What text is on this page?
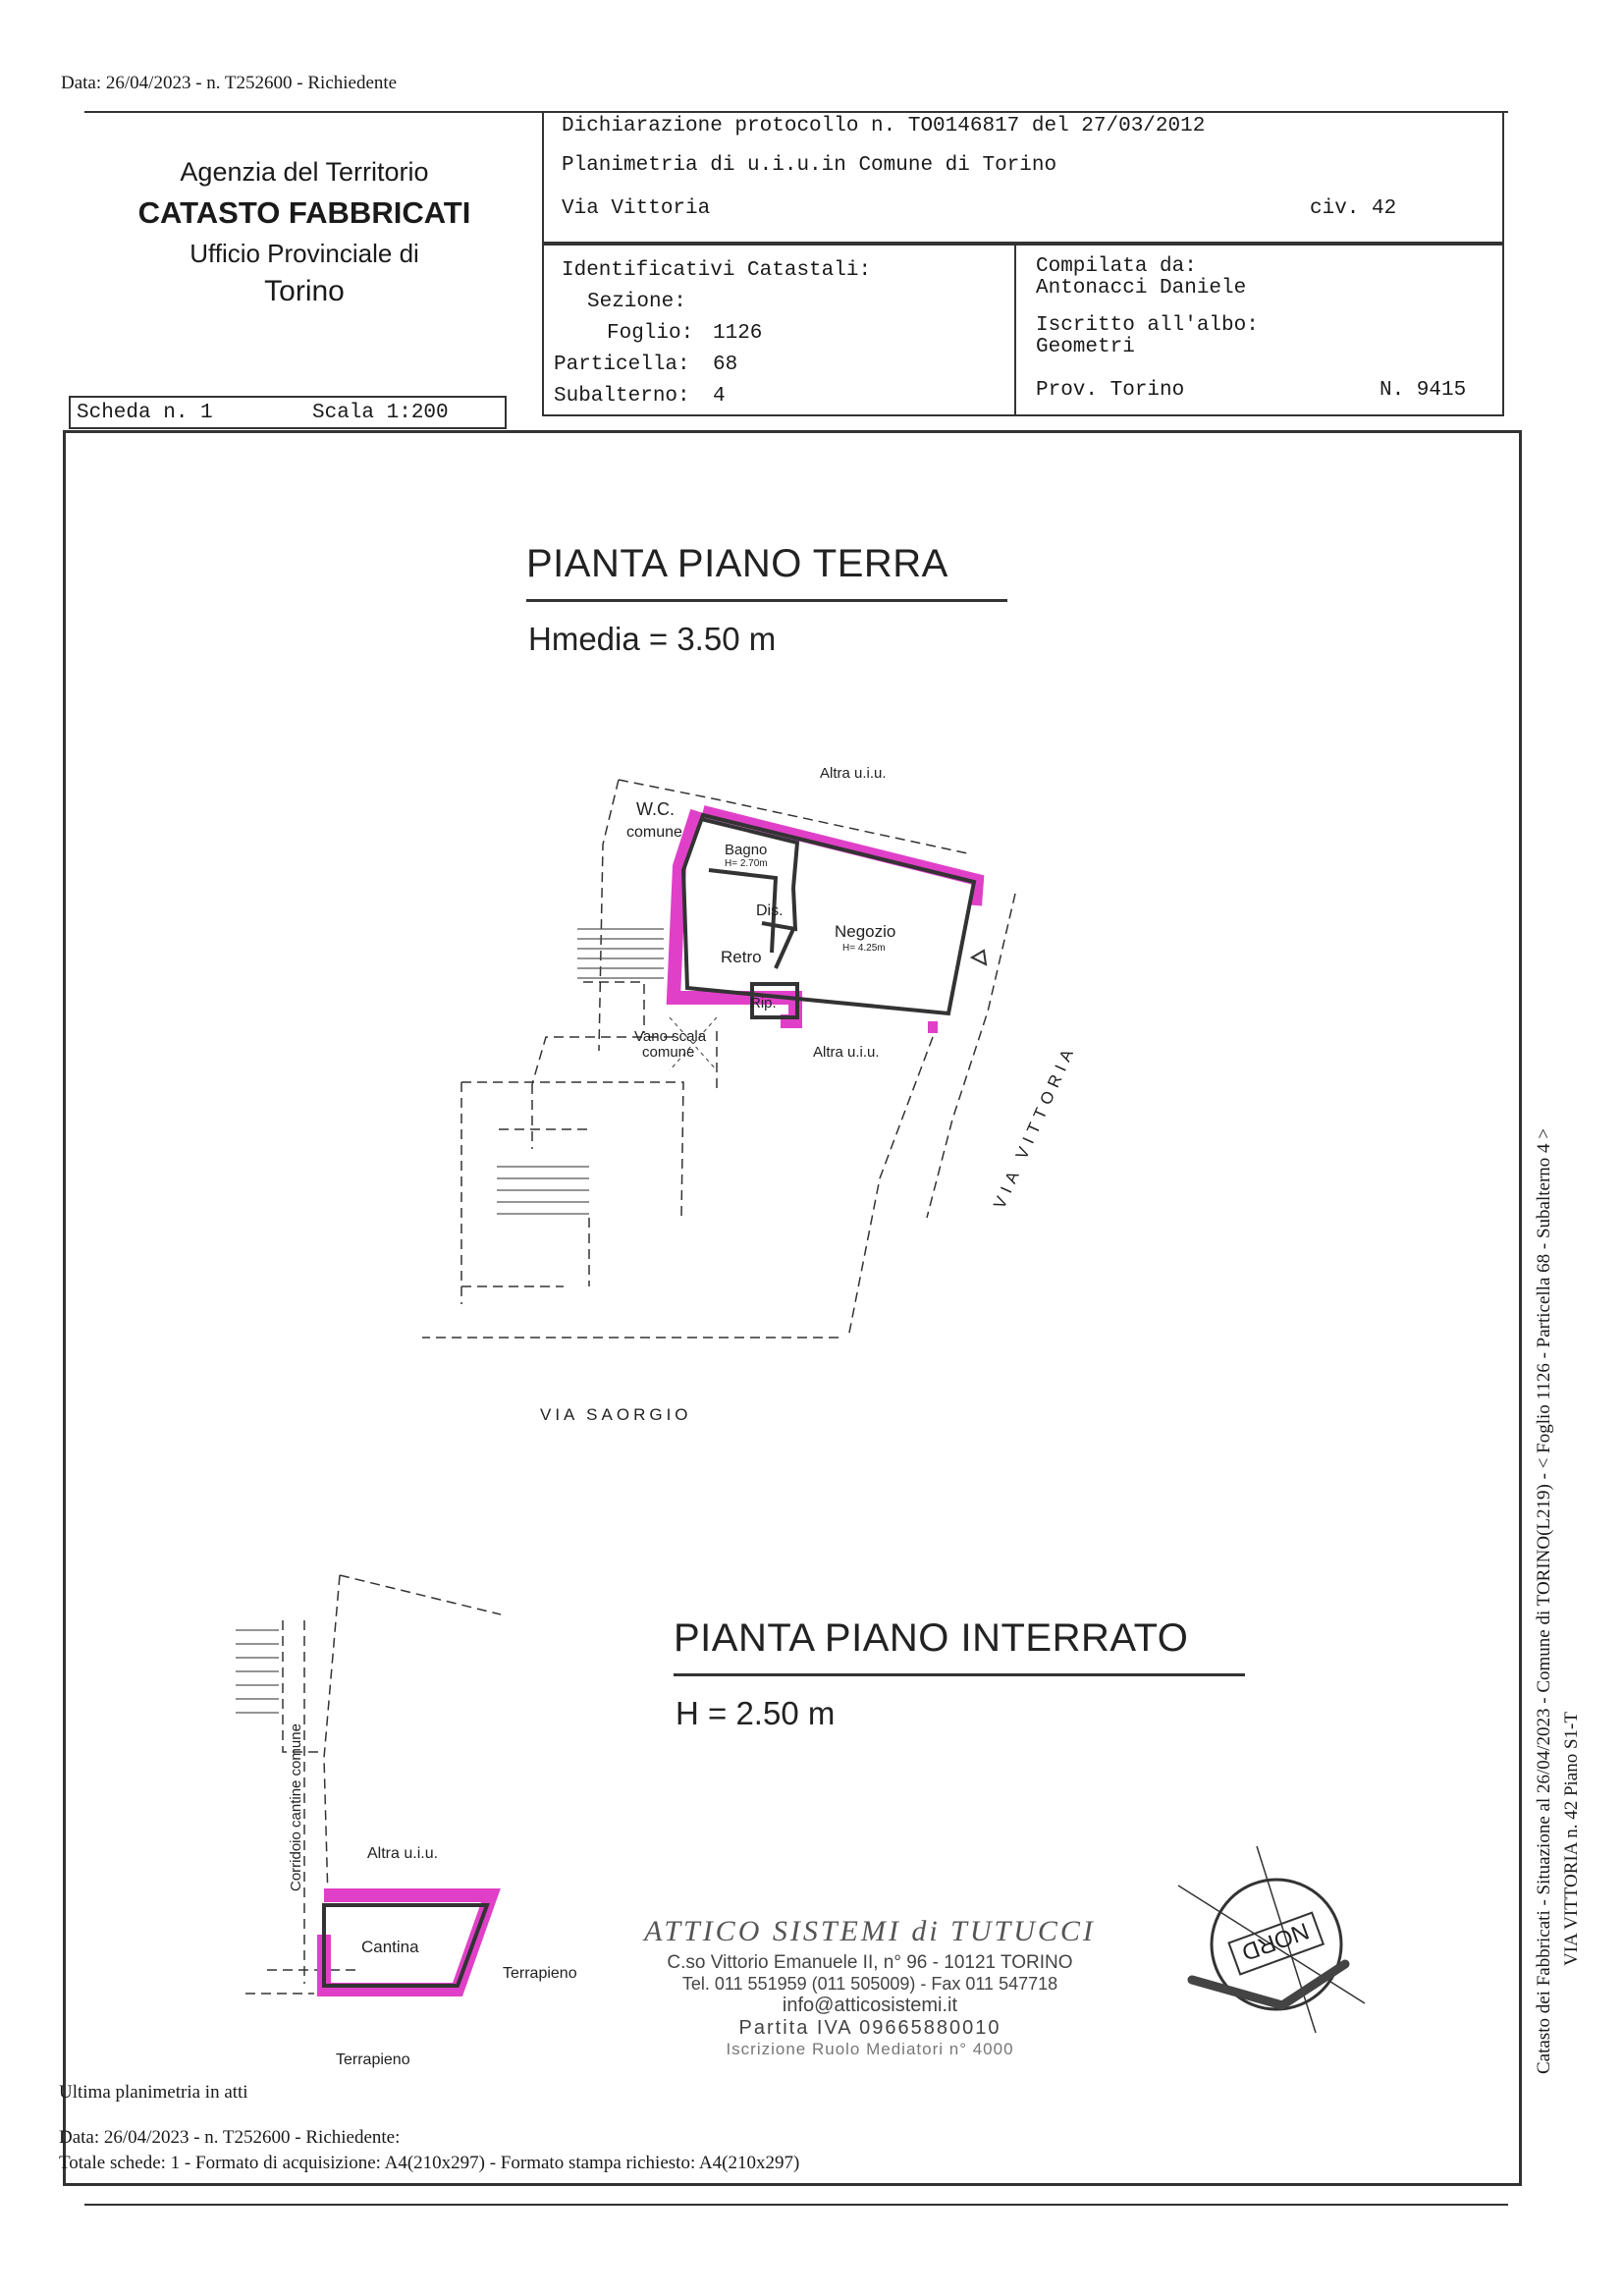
Data: 26/04/2023 - n. T252600 - Richiedente
Agenzia del Territorio
CATASTO FABBRICATI
Ufficio Provinciale di
Torino
Dichiarazione protocollo n. TO0146817 del 27/03/2012
Planimetria di u.i.u.in Comune di Torino
Via Vittoria	civ. 42
Identificativi Catastali:
Sezione:
Foglio: 1126
Particella: 68
Subalterno: 4
Compilata da:
Antonacci Daniele
Iscritto all'albo:
Geometri
Prov. Torino	N. 9415
Scheda n. 1	Scala 1:200
PIANTA PIANO TERRA
Hmedia = 3.50 m
PIANTA PIANO INTERRATO
H = 2.50 m
Altra u.i.u.
W.C.
comune
Bagno
H= 2.70m
Dis.
Negozio
H= 4.25m
Retro
Rip.
Vano scala
comune	Altra u.i.u.	VIA VITTORIA
VIA SAORGIO
Corridoio cantine comune	Altra u.i.u.
Cantina
Terrapieno
Terrapieno
ATTICO SISTEMI di TUTUCCI
C.so Vittorio Emanuele II, n° 96 - 10121 TORINO
Tel. 011 551959 (011 505009) - Fax 011 547718
info@atticosistemi.it
Partita IVA 09665880010
Iscrizione Ruolo Mediatori n° 4000
NORD	Catasto dei Fabbricati - Situazione al 26/04/2023 - Comune di TORINO(L219) - < Foglio 1126 - Particella 68 - Subalterno 4 > VIA VITTORIA n. 42 Piano S1-T
Ultima planimetria in atti
Data: 26/04/2023 - n. T252600 - Richiedente:
Totale schede: 1 - Formato di acquisizione: A4(210x297) - Formato stampa richiesto: A4(210x297)
